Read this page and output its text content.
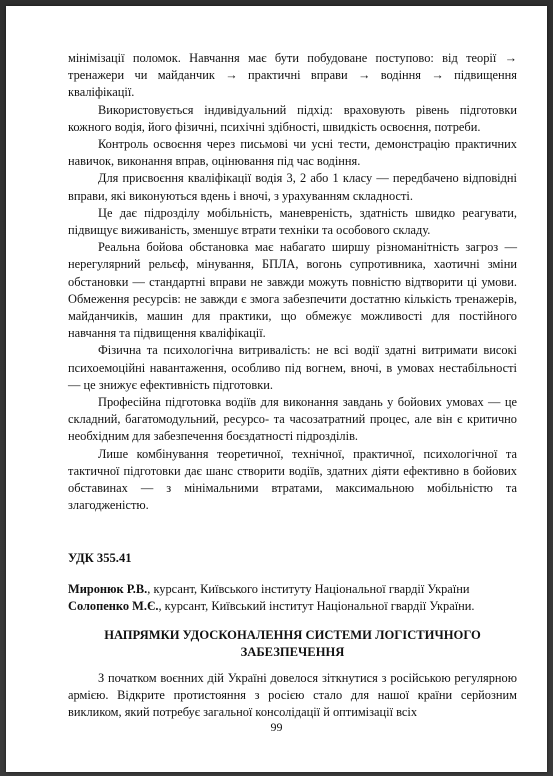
мінімізації поломок. Навчання має бути побудоване поступово: від теорії → тренажери чи майданчик → практичні вправи → водіння → підвищення кваліфікації.

Використовується індивідуальний підхід: враховують рівень підготовки кожного водія, його фізичні, психічні здібності, швидкість освоєння, потреби.

Контроль освоєння через письмові чи усні тести, демонстрацію практичних навичок, виконання вправ, оцінювання під час водіння.

Для присвоєння кваліфікації водія 3, 2 або 1 класу — передбачено відповідні вправи, які виконуються вдень і вночі, з урахуванням складності.

Це дає підрозділу мобільність, маневреність, здатність швидко реагувати, підвищує виживаність, зменшує втрати техніки та особового складу.

Реальна бойова обстановка має набагато ширшу різноманітність загроз — нерегулярний рельєф, мінування, БПЛА, вогонь супротивника, хаотичні зміни обстановки — стандартні вправи не завжди можуть повністю відтворити ці умови. Обмеження ресурсів: не завжди є змога забезпечити достатню кількість тренажерів, майданчиків, машин для практики, що обмежує можливості для постійного навчання та підвищення кваліфікації.

Фізична та психологічна витривалість: не всі водії здатні витримати високі психоемоційні навантаження, особливо під вогнем, вночі, в умовах нестабільності — це знижує ефективність підготовки.

Професійна підготовка водіїв для виконання завдань у бойових умовах — це складний, багатомодульний, ресурсо- та часозатратний процес, але він є критично необхідним для забезпечення боєздатності підрозділів.

Лише комбінування теоретичної, технічної, практичної, психологічної та тактичної підготовки дає шанс створити водіїв, здатних діяти ефективно в бойових обставинах — з мінімальними втратами, максимальною мобільністю та злагодженістю.

УДК 355.41
Миронюк Р.В., курсант, Київського інституту Національної гвардії України
Солопенко М.Є., курсант, Київський інститут Національної гвардії України.
НАПРЯМКИ УДОСКОНАЛЕННЯ СИСТЕМИ ЛОГІСТИЧНОГО
ЗАБЕЗПЕЧЕННЯ

З початком воєнних дій Україні довелося зіткнутися з російською регулярною армією. Відкрите протистояння з росією стало для нашої країни серйозним викликом, який потребує загальної консолідації й оптимізації всіх

99
